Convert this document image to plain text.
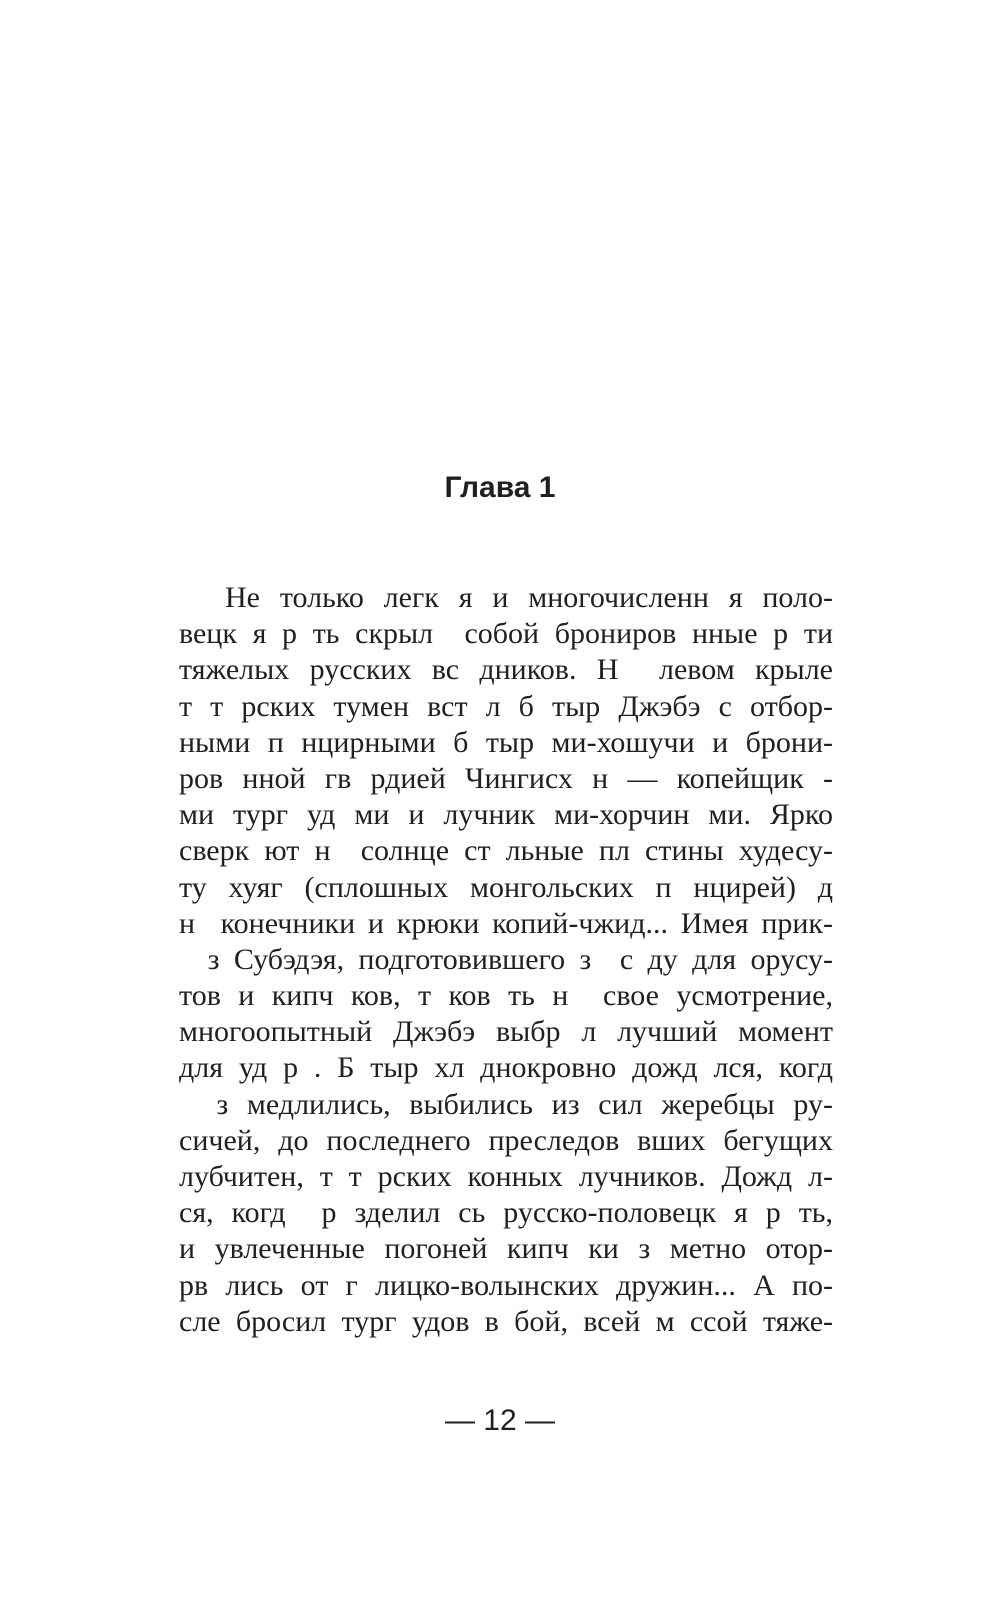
Глава 1
Не только легк я и многочисленн я поло-
вецк я р ть скрыл  собой брониров нные р ти
тяжелых русских вс дников. Н  левом крыле
т т рских тумен вст л б тыр Джэбэ с отбор-
ными п нцирными б тыр ми-хошучи и брони-
ров нной гв рдией Чингисх н — копейщик -
ми тург уд ми и лучник ми-хорчин ми. Ярко
сверк ют н  солнце ст льные пл стины худесу-
ту хуяг (сплошных монгольских п нцирей) д
н  конечники и крюки копий-чжид... Имея прик-
з Субэдэя, подготовившего з  с ду для орусу-
тов и кипч ков, т ков ть н  свое усмотрение,
многоопытный Джэбэ выбр л лучший момент
для уд р . Б тыр хл днокровно дожд лся, когд
з медлились, выбились из сил жеребцы ру-
сичей, до последнего преследов вших бегущих
лубчитен, т т рских конных лучников. Дожд л-
ся, когд  р зделил сь русско-половецк я р ть,
и увлеченные погоней кипч ки з метно отор-
рв лись от г лицко-волынских дружин... А по-
сле бросил тург удов в бой, всей м ссой тяже-
— 12 —
